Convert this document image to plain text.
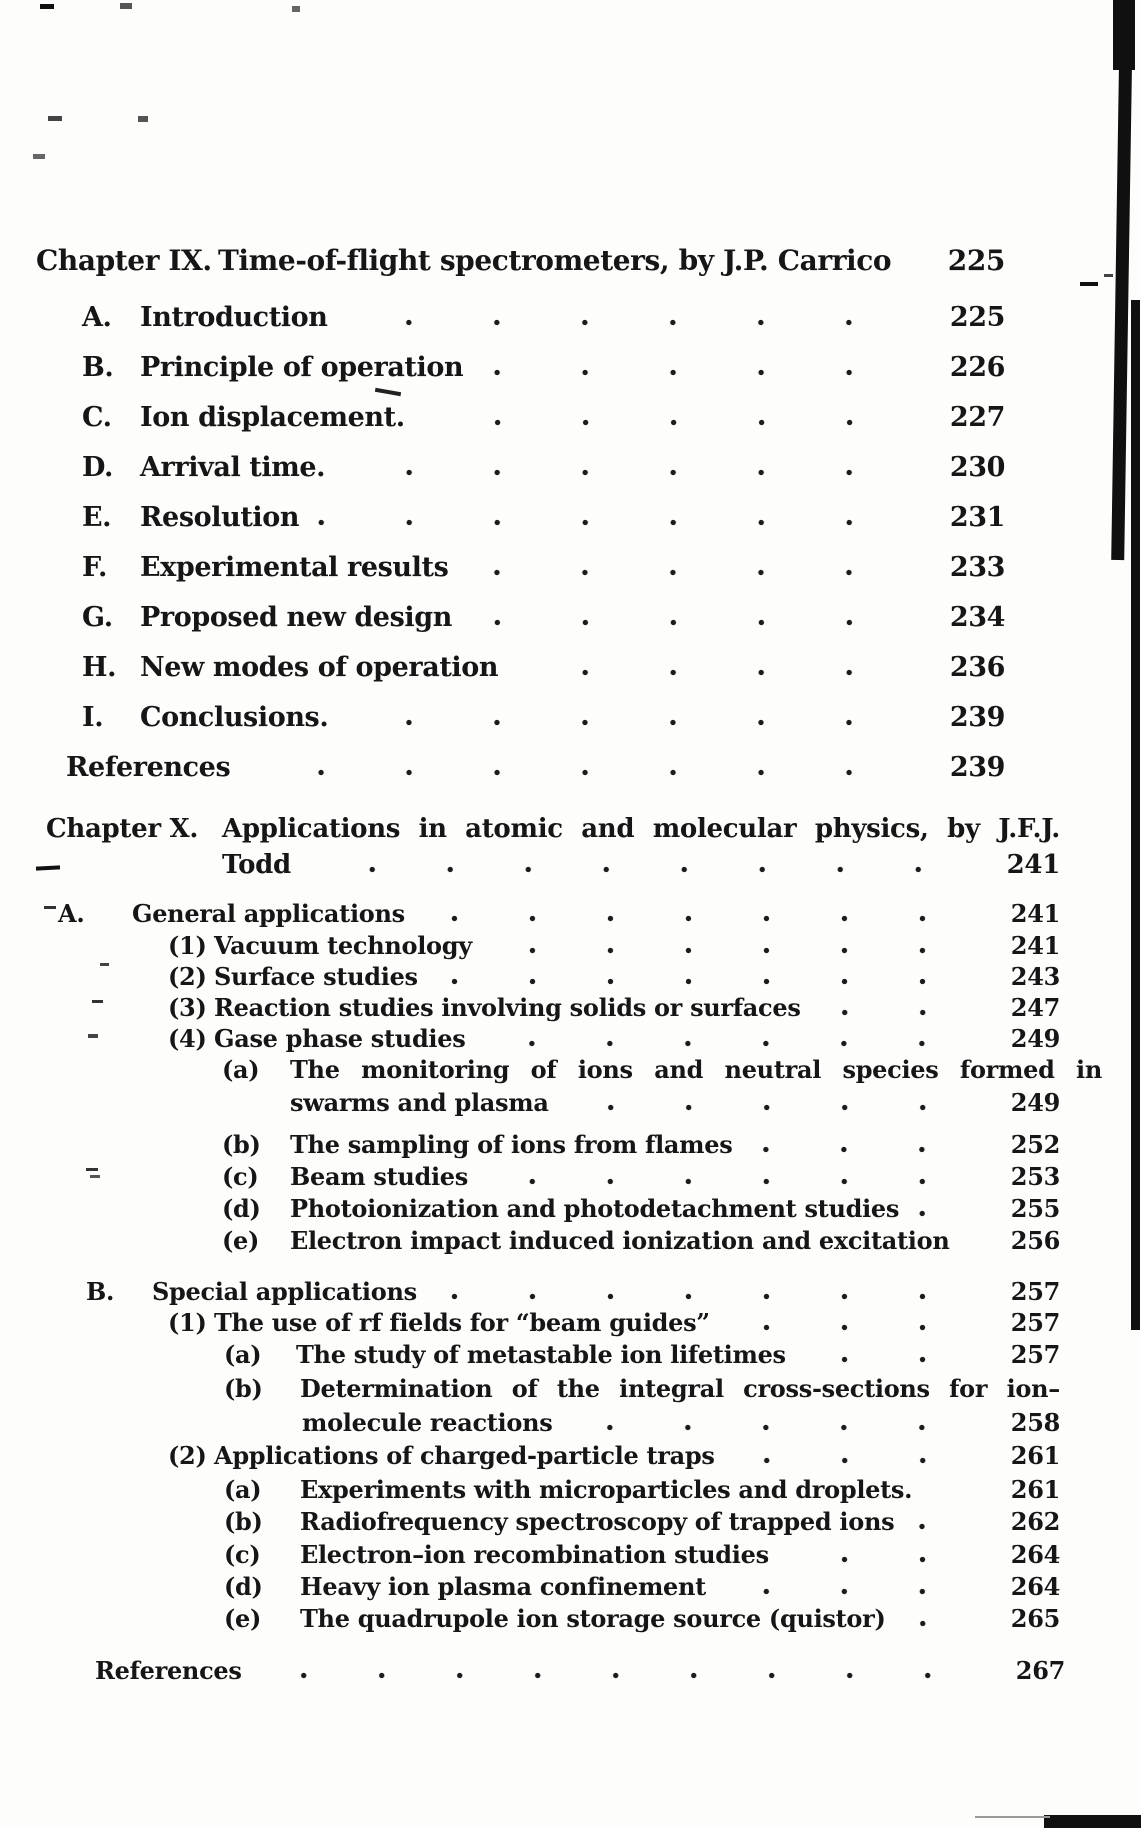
Chapter IX. Time-of-flight spectrometers, by J.P. Carrico 225
A.	Introduction	225
B. Principle of operation	226
C.	Ion displacement.	227
D. Arrival time.	230
E.	Resolution	231
F.	Experimental results	233
G.	Proposed new design	234
H. New modes of operation	236
I.	Conclusions.	239
References	239
Chapter X. Applications in atomic and molecular physics, by J.F.J.
Todd	241
A.	General applications	241
(1) Vacuum technology	241
(2) Surface studies	243
(3) Reaction studies involving solids or surfaces	247
(4) Gase phase studies	249
(a)	The monitoring of ions and neutral species formed in
swarms and plasma	249
(b)	The sampling of ions from flames	252
(c)	Beam studies	253
(d)	Photoionization and photodetachment studies	255
(e)	Electron impact induced ionization and excitation	256
B.	Special applications	257
(1) The use of rf fields for “beam guides”	257
(a)	The study of metastable ion lifetimes	257
(b)	Determination of the integral cross-sections for ion–
molecule reactions	258
(2) Applications of charged-particle traps	261
(a)	Experiments with microparticles and droplets.	261
(b)	Radiofrequency spectroscopy of trapped ions	262
(c)	Electron–ion recombination studies	264
(d)	Heavy ion plasma confinement	264
(e)	The quadrupole ion storage source (quistor)	265
References	267
